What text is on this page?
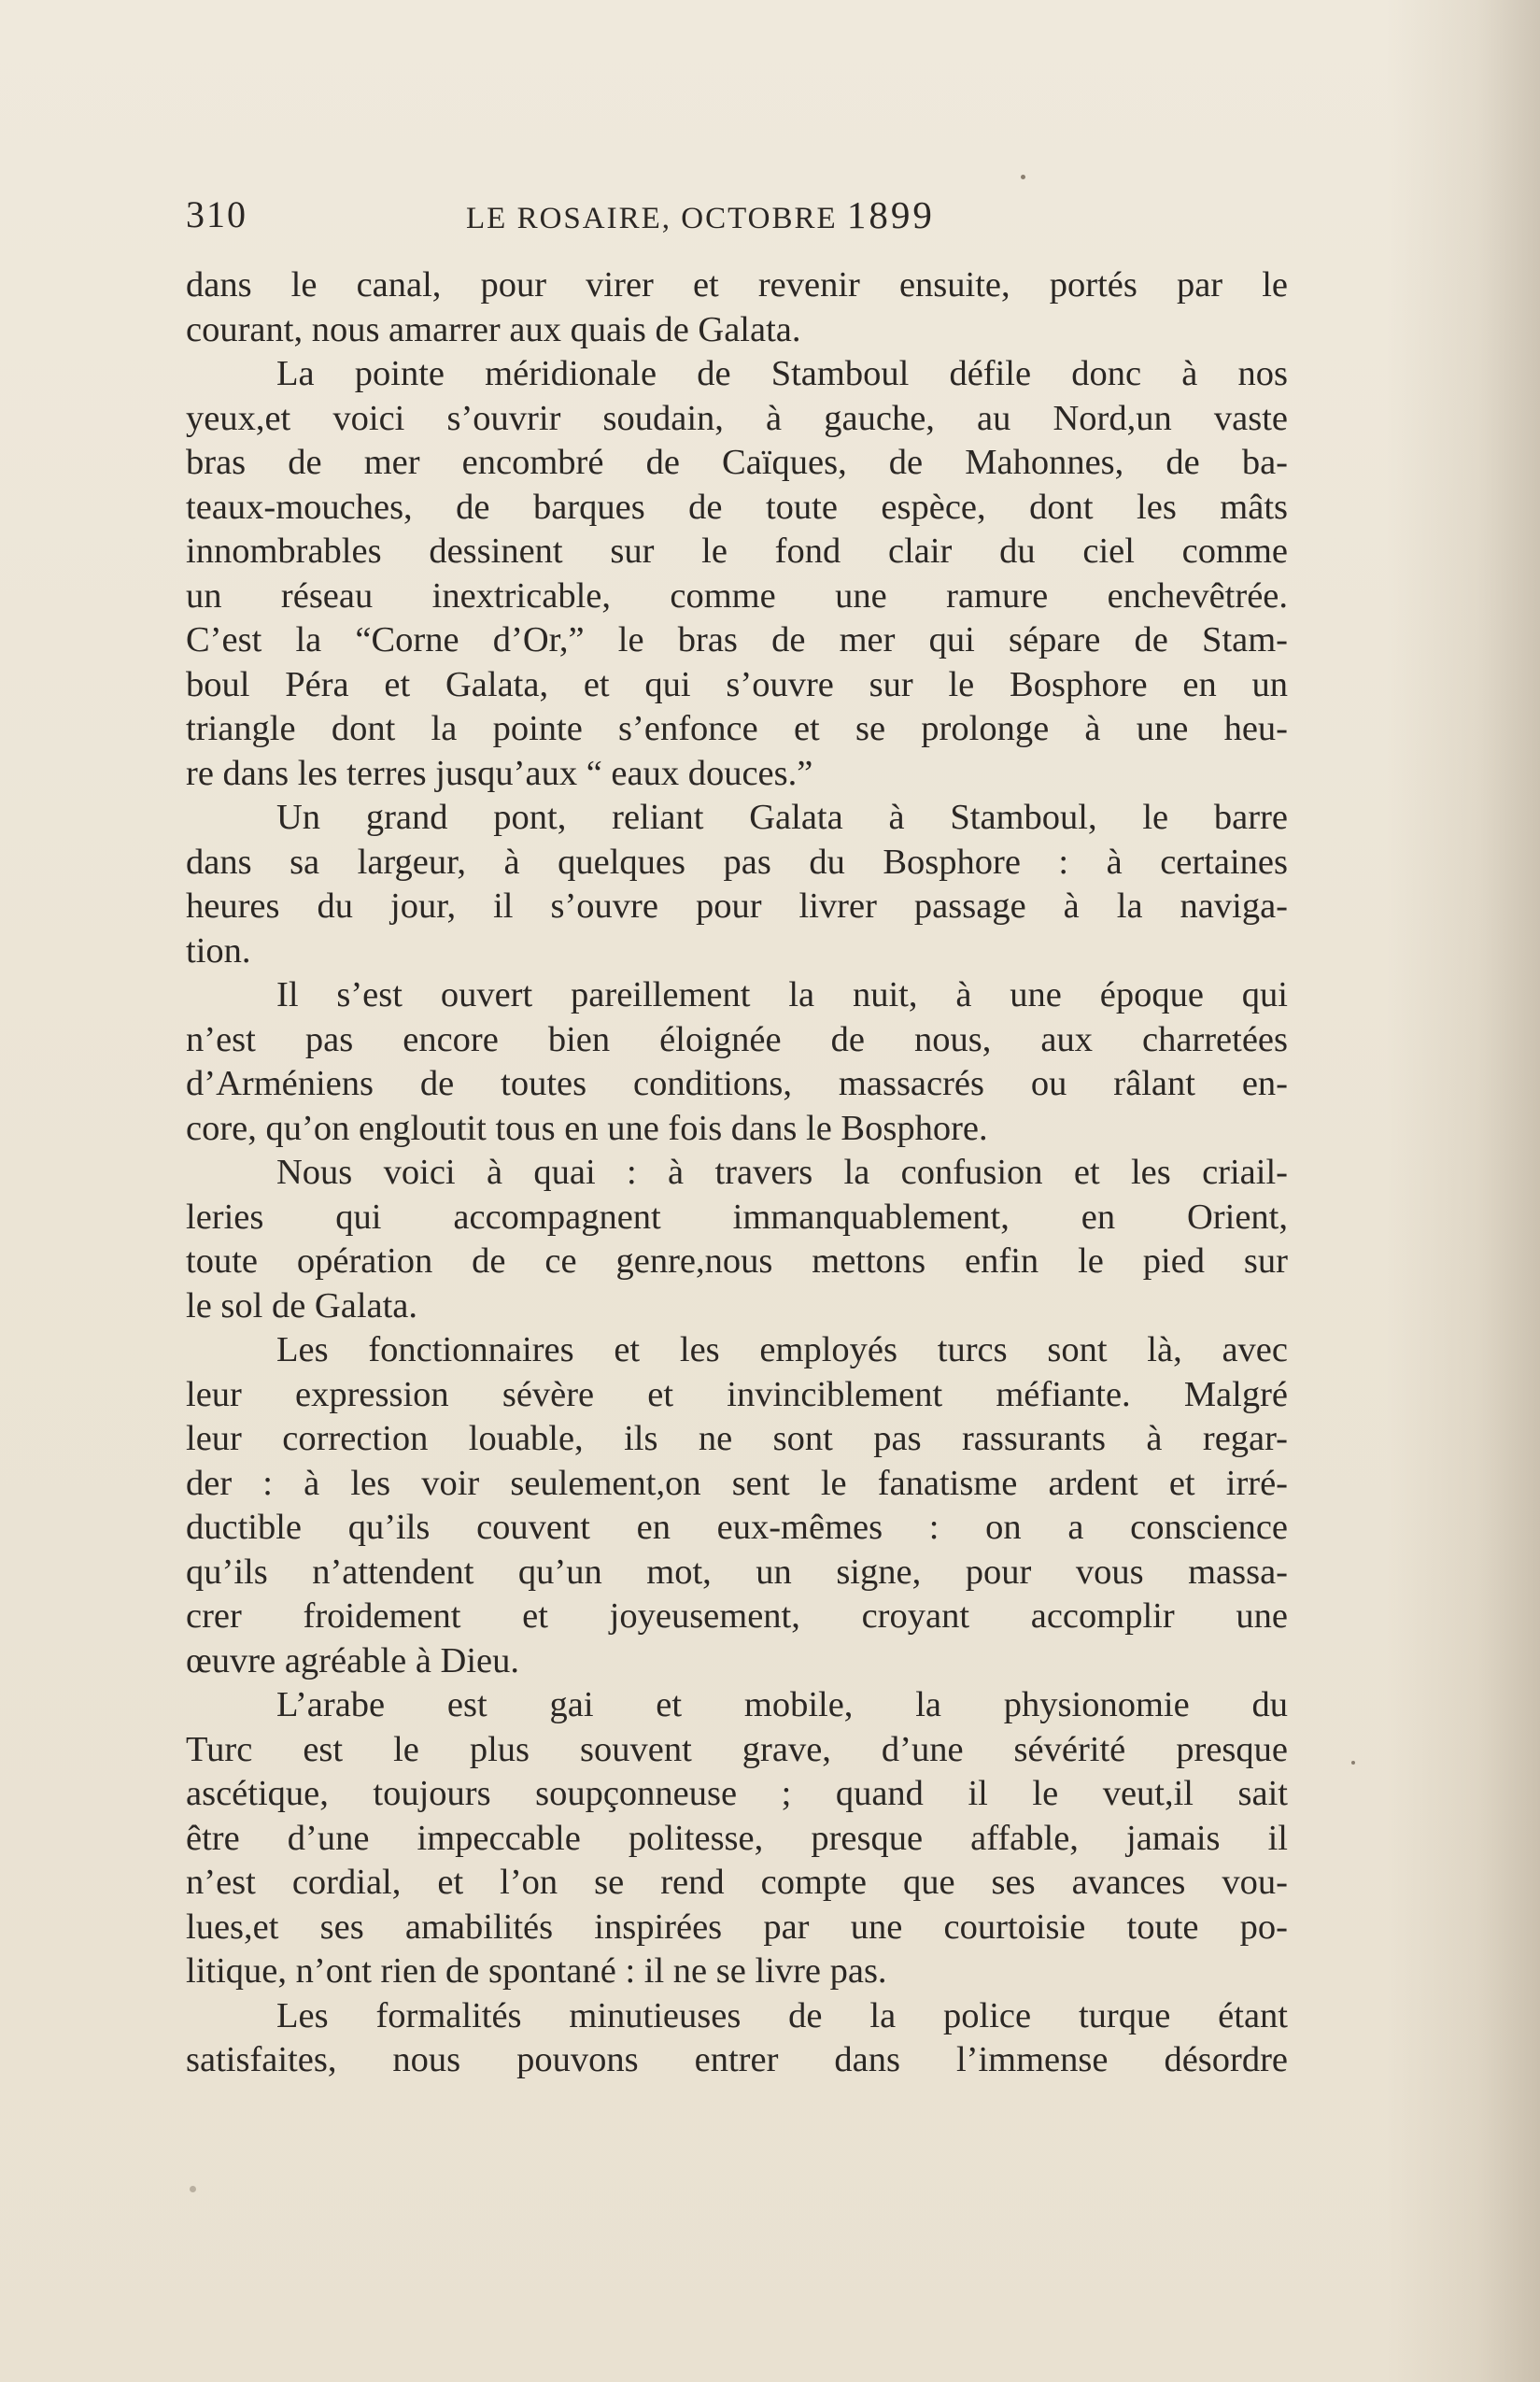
310	LE ROSAIRE, OCTOBRE 1899
dans le canal, pour virer et revenir ensuite, portés par le
courant, nous amarrer aux quais de Galata.
La pointe méridionale de Stamboul défile donc à nos
yeux,et voici s’ouvrir soudain, à gauche, au Nord,un vaste
bras de mer encombré de Caïques, de Mahonnes, de ba-
teaux-mouches, de barques de toute espèce, dont les mâts
innombrables dessinent sur le fond clair du ciel comme
un réseau inextricable, comme une ramure enchevêtrée.
C’est la “Corne d’Or,” le bras de mer qui sépare de Stam-
boul Péra et Galata, et qui s’ouvre sur le Bosphore en un
triangle dont la pointe s’enfonce et se prolonge à une heu-
re dans les terres jusqu’aux “ eaux douces.”
Un grand pont, reliant Galata à Stamboul, le barre
dans sa largeur, à quelques pas du Bosphore : à certaines
heures du jour, il s’ouvre pour livrer passage à la naviga-
tion.
Il s’est ouvert pareillement la nuit, à une époque qui
n’est pas encore bien éloignée de nous, aux charretées
d’Arméniens de toutes conditions, massacrés ou râlant en-
core, qu’on engloutit tous en une fois dans le Bosphore.
Nous voici à quai : à travers la confusion et les criail-
leries qui accompagnent immanquablement, en Orient,
toute opération de ce genre,nous mettons enfin le pied sur
le sol de Galata.
Les fonctionnaires et les employés turcs sont là, avec
leur expression sévère et invinciblement méfiante. Malgré
leur correction louable, ils ne sont pas rassurants à regar-
der : à les voir seulement,on sent le fanatisme ardent et irré-
ductible qu’ils couvent en eux-mêmes : on a conscience
qu’ils n’attendent qu’un mot, un signe, pour vous massa-
crer froidement et joyeusement, croyant accomplir une
œuvre agréable à Dieu.
L’arabe est gai et mobile, la physionomie du
Turc est le plus souvent grave, d’une sévérité presque
ascétique, toujours soupçonneuse ; quand il le veut,il sait
être d’une impeccable politesse, presque affable, jamais il
n’est cordial, et l’on se rend compte que ses avances vou-
lues,et ses amabilités inspirées par une courtoisie toute po-
litique, n’ont rien de spontané : il ne se livre pas.
Les formalités minutieuses de la police turque étant
satisfaites, nous pouvons entrer dans l’immense désordre
